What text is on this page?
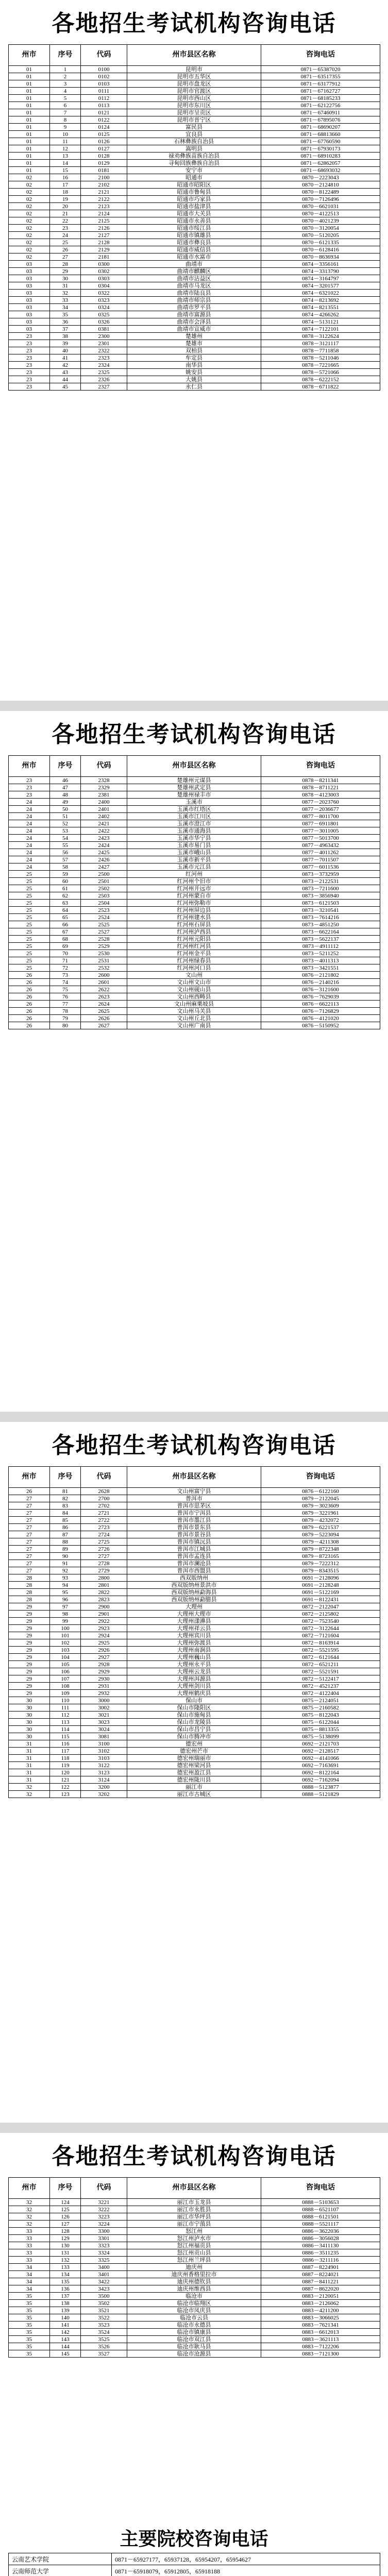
各地招生考试机构咨询电话
州市	序号	代码	州市县区名称	咨询电话
01	1	0100	昆明市	0871－65387020
01	2	0102	昆明市五华区	0871－63517355
01	3	0103	昆明市盘龙区	0871－63177912
01	4	0111	昆明市官渡区	0871－67162727
01	5	0112	昆明市西山区	0871－68185233
01	6	0113	昆明市东川区	0871－62122756
01	7	0121	昆明市呈贡区	0871－67460911
01	8	0122	昆明市晋宁区	0871－67895076
01	9	0124	富民县	0871－68690207
01	10	0125	宜良县	0871－68813660
01	11	0126	石林彝族自治县	0871－67760590
01	12	0127	嵩明县	0871－67930173
01	13	0128	禄劝彝族苗族自治县	0871－68910283
01	14	0129	寻甸回族彝族自治县	0871－62862057
01	15	0181	安宁市	0871－68693032
02	16	2100	昭通市	0870－2223043
02	17	2102	昭通市昭阳区	0870－2124810
02	18	2121	昭通市鲁甸县	0870－8122489
02	19	2122	昭通市巧家县	0870－7126496
02	20	2123	昭通市盐津县	0870－6621031
02	21	2124	昭通市大关县	0870－4122513
02	22	2125	昭通市永善县	0870－4021239
02	23	2126	昭通市绥江县	0870－3120054
02	24	2127	昭通市镇雄县	0870－5120205
02	25	2128	昭通市彝良县	0870－6121335
02	26	2129	昭通市威信县	0870－6128416
02	27	2181	昭通市水富市	0870－8636934
03	28	0300	曲靖市	0874－3356161
03	29	0302	曲靖市麒麟区	0874－3313790
03	30	0303	曲靖市沾益区	0874－3164797
03	31	0304	曲靖市马龙区	0874－3201577
03	32	0322	曲靖市陆良县	0874－6321022
03	33	0323	曲靖市师宗县	0874－8213692
03	34	0324	曲靖市罗平县	0874－8213551
03	35	0325	曲靖市富源县	0874－4266262
03	36	0326	曲靖市会泽县	0874－5131121
03	37	0381	曲靖市宣威市	0874－7122101
23	38	2300	楚雄州	0878－3122624
23	39	2301	楚雄市	0878－3121117
23	40	2322	双柏县	0878－7711858
23	41	2323	牟定县	0878－5211046
23	42	2324	南华县	0878－7221665
23	43	2325	姚安县	0878－5721066
23	44	2326	大姚县	0878－6222152
23	45	2327	永仁县	0878－6711822
各地招生考试机构咨询电话
州市	序号	代码	州市县区名称	咨询电话
23	46	2328	楚雄州元谋县	0878－8211341
23	47	2329	楚雄州武定县	0878－8711221
23	48	2381	楚雄州禄丰市	0878－4123003
24	49	2400	玉溪市	0877－2023760
24	50	2401	玉溪市红塔区	0877－2036677
24	51	2402	玉溪市江川区	0877－8011700
24	52	2421	玉溪市澄江市	0877－6911801
24	53	2422	玉溪市通海县	0877－3011005
24	54	2423	玉溪市华宁县	0877－5013700
24	55	2424	玉溪市易门县	0877－4963432
24	56	2425	玉溪市峨山县	0877－4011262
24	57	2426	玉溪市新平县	0877－7011507
24	58	2427	玉溪市元江县	0877－6011536
25	59	2500	红河州	0873－3732959
25	60	2501	红河州个旧市	0873－2122531
25	61	2502	红河州开远市	0873－7211600
25	62	2503	红河州蒙自市	0873－3856940
25	63	2504	红河州弥勒市	0873－6121503
25	64	2523	红河州屏边县	0873－3210541
25	65	2524	红河州建水县	0873－7614216
25	66	2525	红河州石屏县	0873－4851250
25	67	2527	红河州泸西县	0873－6622164
25	68	2528	红河州元阳县	0873－5622137
25	69	2529	红河州红河县	0873－4911112
25	70	2530	红河州金平县	0873－5211252
25	71	2531	红河州绿春县	0873－4011313
25	72	2532	红河州河口县	0873－3421551
26	73	2600	文山州	0876－2121802
26	74	2601	文山州文山市	0876－2140216
26	75	2622	文山州砚山县	0876－3121600
26	76	2623	文山州西畴县	0876－7629039
26	77	2624	文山州麻栗坡县	0876－6622113
26	78	2625	文山州马关县	0876－7126829
26	79	2626	文山州丘北县	0876－4121020
26	80	2627	文山州广南县	0876－5150952
各地招生考试机构咨询电话
州市	序号	代码	州市县区名称	咨询电话
26	81	2628	文山州富宁县	0876－6122160
27	82	2700	普洱市	0879－2122045
27	83	2702	普洱市思茅区	0879－3023609
27	84	2721	普洱市宁洱县	0879－3221961
27	85	2722	普洱市墨江县	0879－4232072
27	86	2723	普洱市景东县	0879－6221537
27	87	2724	普洱市景谷县	0879－5223094
27	88	2725	普洱市镇沅县	0879－4211308
27	89	2726	普洱市江城县	0879－8722348
27	90	2727	普洱市孟连县	0879－8723165
27	91	2728	普洱市澜沧县	0879－7222312
27	92	2729	普洱市西盟县	0879－8343515
28	93	2800	西双版纳州	0691－2128096
28	94	2801	西双版纳州景洪市	0691－2128248
28	95	2822	西双版纳州勐海县	0691－5122169
28	96	2823	西双版纳州勐腊县	0691－8122431
29	97	2900	大理州	0872－2122047
29	98	2901	大理州大理市	0872－2125802
29	99	2922	大理州漾濞县	0872－7523540
29	100	2923	大理州祥云县	0872－3122644
29	101	2924	大理州宾川县	0872－7121604
29	102	2925	大理州弥渡县	0872－8163914
29	103	2926	大理州南涧县	0872－5521595
29	104	2927	大理州巍山县	0872－6121644
29	105	2928	大理州永平县	0872－6521211
29	106	2929	大理州云龙县	0872－5521591
29	107	2930	大理州洱源县	0872－5122417
29	108	2931	大理州剑川县	0872－4521237
29	109	2932	大理州鹤庆县	0872－4122404
30	110	3000	保山市	0875－2124051
30	111	3002	保山市隆阳区	0875－2160582
30	112	3021	保山市施甸县	0875－8122043
30	113	3023	保山市龙陵县	0875－6122044
30	114	3024	保山市昌宁县	0875－8813355
30	115	3081	保山市腾冲市	0875－5138099
31	116	3100	德宏州	0692－2121703
31	117	3102	德宏州芒市	0692－2128517
31	118	3103	德宏州瑞丽市	0692－4141066
31	119	3122	德宏州梁河县	0692－7163691
31	120	3123	德宏州盈江县	0692－8122164
31	121	3124	德宏州陇川县	0692－7162094
32	122	3200	丽江市	0888－5123877
32	123	3202	丽江市古城区	0888－5121829
各地招生考试机构咨询电话
州市	序号	代码	州市县区名称	咨询电话
32	124	3221	丽江市玉龙县	0888－5103653
32	125	3222	丽江市永胜县	0888－6521107
32	126	3223	丽江市华坪县	0888－6121501
32	127	3224	丽江市宁蒗县	0888－5521117
33	128	3300	怒江州	0886－3622036
33	129	3301	怒江州泸水市	0886－3056028
33	130	3323	怒江州福贡县	0886－3411130
33	131	3324	怒江州贡山县	0886－3511235
33	132	3325	怒江州兰坪县	0886－3211116
34	133	3400	迪庆州	0887－8224901
34	134	3401	迪庆州香格里拉市	0887－8224021
34	135	3422	迪庆州德钦县	0887－8411221
34	136	3423	迪庆州维西县	0887－8622020
35	137	3500	临沧市	0883－2120051
35	138	3502	临沧市临翔区	0883－2126062
35	139	3521	临沧市凤庆县	0883－4211200
35	140	3522	临沧市云县	0883－3066025
35	141	3523	临沧市永德县	0883－7621341
35	142	3524	临沧市镇康县	0883－6612013
35	143	3525	临沧市双江县	0883－3621113
35	144	3526	临沧市耿马县	0883－7122206
35	145	3527	临沧市沧源县	0883－7121300
主要院校咨询电话
云南艺术学院	0871－65927177，65937128，65954207，65954627
云南师范大学	0871－65918079，65912805，65918188
